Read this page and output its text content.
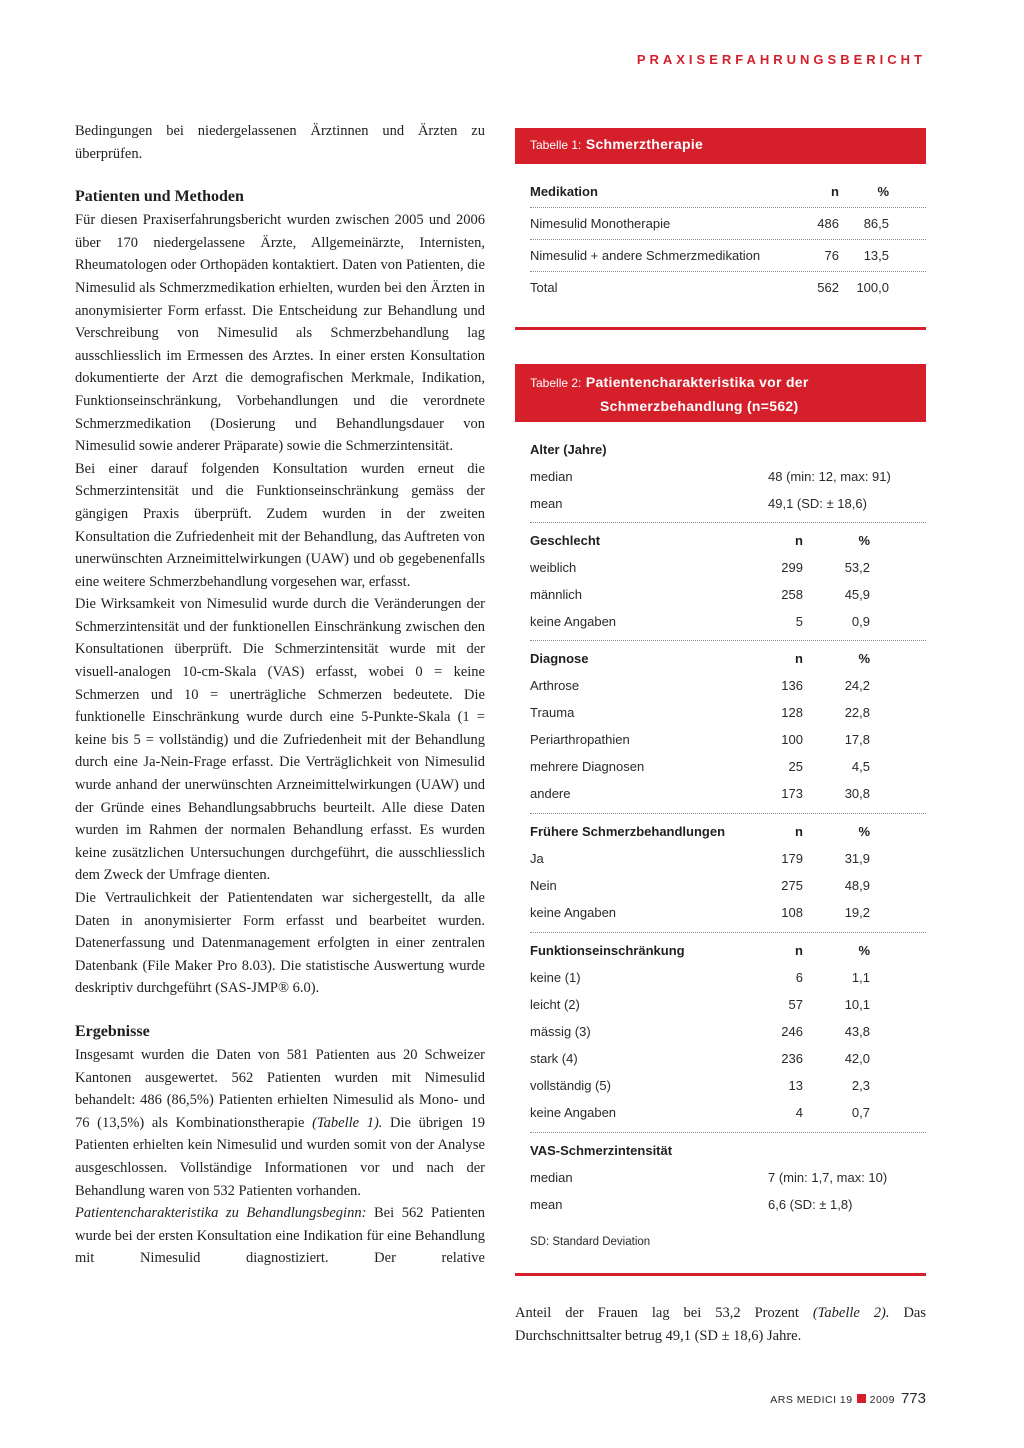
PRAXISERFAHRUNGSBERICHT

Bedingungen bei niedergelassenen Ärztinnen und Ärzten zu überprüfen.

Patienten und Methoden

Für diesen Praxiserfahrungsbericht wurden zwischen 2005 und 2006 über 170 niedergelassene Ärzte, Allgemeinärzte, Internisten, Rheumatologen oder Orthopäden kontaktiert. Daten von Patienten, die Nimesulid als Schmerzmedikation erhielten, wurden bei den Ärzten in anonymisierter Form erfasst. Die Entscheidung zur Behandlung und Verschreibung von Nimesulid als Schmerzbehandlung lag ausschliesslich im Ermessen des Arztes. In einer ersten Konsultation dokumentierte der Arzt die demografischen Merkmale, Indikation, Funktionseinschränkung, Vorbehandlungen und die verordnete Schmerzmedikation (Dosierung und Behandlungsdauer von Nimesulid sowie anderer Präparate) sowie die Schmerzintensität.

Bei einer darauf folgenden Konsultation wurden erneut die Schmerzintensität und die Funktionseinschränkung gemäss der gängigen Praxis überprüft. Zudem wurden in der zweiten Konsultation die Zufriedenheit mit der Behandlung, das Auftreten von unerwünschten Arzneimittelwirkungen (UAW) und ob gegebenenfalls eine weitere Schmerzbehandlung vorgesehen war, erfasst.

Die Wirksamkeit von Nimesulid wurde durch die Veränderungen der Schmerzintensität und der funktionellen Einschränkung zwischen den Konsultationen überprüft. Die Schmerzintensität wurde mit der visuell-analogen 10-cm-Skala (VAS) erfasst, wobei 0 = keine Schmerzen und 10 = unerträgliche Schmerzen bedeutete. Die funktionelle Einschränkung wurde durch eine 5-Punkte-Skala (1 = keine bis 5 = vollständig) und die Zufriedenheit mit der Behandlung durch eine Ja-Nein-Frage erfasst. Die Verträglichkeit von Nimesulid wurde anhand der unerwünschten Arzneimittelwirkungen (UAW) und der Gründe eines Behandlungsabbruchs beurteilt. Alle diese Daten wurden im Rahmen der normalen Behandlung erfasst. Es wurden keine zusätzlichen Untersuchungen durchgeführt, die ausschliesslich dem Zweck der Umfrage dienten.

Die Vertraulichkeit der Patientendaten war sichergestellt, da alle Daten in anonymisierter Form erfasst und bearbeitet wurden. Datenerfassung und Datenmanagement erfolgten in einer zentralen Datenbank (File Maker Pro 8.03). Die statistische Auswertung wurde deskriptiv durchgeführt (SAS-JMP® 6.0).

Ergebnisse

Insgesamt wurden die Daten von 581 Patienten aus 20 Schweizer Kantonen ausgewertet. 562 Patienten wurden mit Nimesulid behandelt: 486 (86,5%) Patienten erhielten Nimesulid als Mono- und 76 (13,5%) als Kombinationstherapie (Tabelle 1). Die übrigen 19 Patienten erhielten kein Nimesulid und wurden somit von der Analyse ausgeschlossen. Vollständige Informationen vor und nach der Behandlung waren von 532 Patienten vorhanden.

Patientencharakteristika zu Behandlungsbeginn: Bei 562 Patienten wurde bei der ersten Konsultation eine Indikation für eine Behandlung mit Nimesulid diagnostiziert. Der relative

Tabelle 1: Schmerztherapie
Medikation	n	%
Nimesulid Monotherapie	486 86,5
Nimesulid + andere Schmerzmedikation	76 13,5
Total	562 100,0
Tabelle 2: Patientencharakteristika vor der
Schmerzbehandlung (n=562)
Alter (Jahre)
median	48 (min: 12, max: 91)
mean	49,1 (SD: ± 18,6)
Geschlecht	n	%
weiblich	299	53,2
männlich	258	45,9
keine Angaben	5	0,9
Diagnose	n	%
Arthrose	136	24,2
Trauma	128	22,8
Periarthropathien	100	17,8
mehrere Diagnosen	25	4,5
andere	173	30,8
Frühere Schmerzbehandlungen	n	%
Ja	179	31,9
Nein	275	48,9
keine Angaben	108	19,2
Funktionseinschränkung	n	%
keine (1)	6	1,1
leicht (2)	57	10,1
mässig (3)	246	43,8
stark (4)	236	42,0
vollständig (5)	13	2,3
keine Angaben	4	0,7
VAS-Schmerzintensität
median	7 (min: 1,7, max: 10)
mean	6,6 (SD: ± 1,8)
SD: Standard Deviation

Anteil der Frauen lag bei 53,2 Prozent (Tabelle 2). Das Durchschnittsalter betrug 49,1 (SD ± 18,6) Jahre.

ARS MEDICI 19 2009 773
